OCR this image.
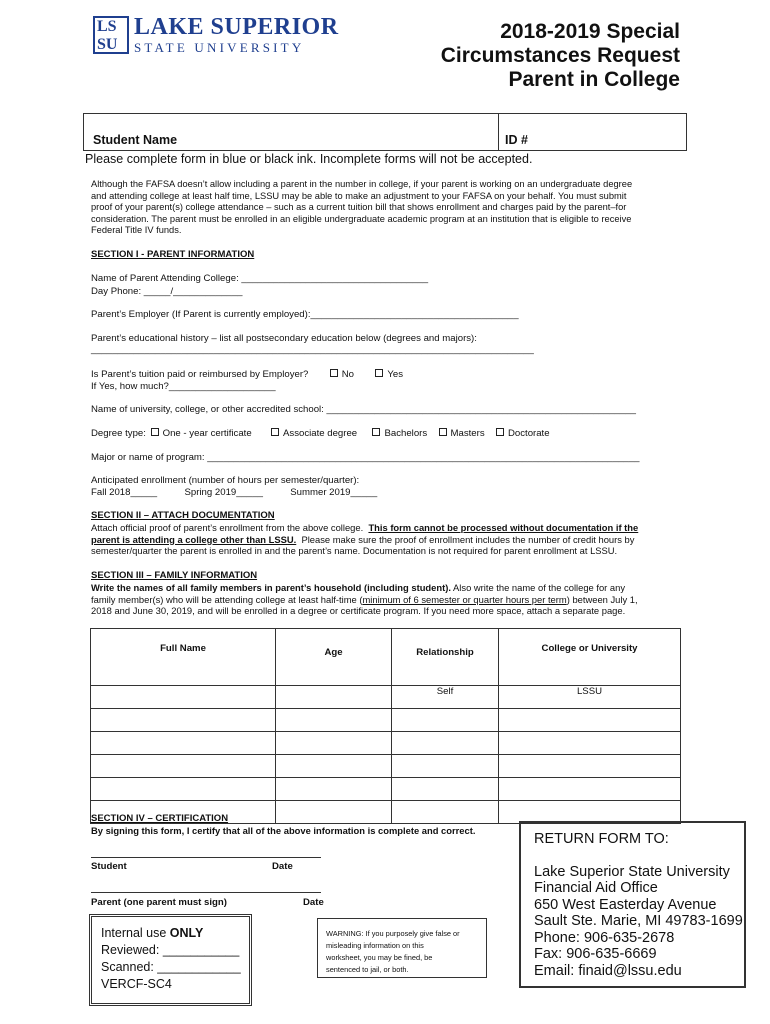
LS
SU
LAKE SUPERIOR
STATE UNIVERSITY
2018-2019 Special
Circumstances Request
Parent in College
Student Name	ID #
Please complete form in blue or black ink. Incomplete forms will not be accepted.
Although the FAFSA doesn’t allow including a parent in the number in college, if your parent is working on an undergraduate degree
and attending college at least half time, LSSU may be able to make an adjustment to your FAFSA on your behalf. You must submit
proof of your parent(s) college attendance – such as a current tuition bill that shows enrollment and charges paid by the parent–for
consideration. The parent must be enrolled in an eligible undergraduate academic program at an institution that is eligible to receive
Federal Title IV funds.
SECTION I - PARENT INFORMATION
Name of Parent Attending College: ___________________________________
Day Phone: _____/_____________
Parent’s Employer (If Parent is currently employed):_______________________________________
Parent’s educational history – list all postsecondary education below (degrees and majors):
___________________________________________________________________________________
Is Parent’s tuition paid or reimbursed by Employer?	No	Yes
If Yes, how much?____________________
Name of university, college, or other accredited school: __________________________________________________________
Degree type: One - year certificate	Associate degree	Bachelors Masters Doctorate
Major or name of program: _________________________________________________________________________________
Anticipated enrollment (number of hours per semester/quarter):
Fall 2018_____	Spring 2019_____	Summer 2019_____
SECTION II – ATTACH DOCUMENTATION
Attach official proof of parent’s enrollment from the above college. This form cannot be processed without documentation if the
parent is attending a college other than LSSU. Please make sure the proof of enrollment includes the number of credit hours by
semester/quarter the parent is enrolled in and the parent’s name. Documentation is not required for parent enrollment at LSSU.
SECTION III – FAMILY INFORMATION
Write the names of all family members in parent’s household (including student). Also write the name of the college for any
family member(s) who will be attending college at least half-time (minimum of 6 semester or quarter hours per term) between July 1,
2018 and June 30, 2019, and will be enrolled in a degree or certificate program. If you need more space, attach a separate page.
Full Name	Age	Relationship	College or University
		Self	LSSU

SECTION IV – CERTIFICATION
By signing this form, I certify that all of the above information is complete and correct.
Student	Date
Parent (one parent must sign)	Date
Internal use ONLY
Reviewed: ___________
Scanned: ____________
VERCF-SC4
WARNING: If you purposely give false or
misleading information on this
worksheet, you may be fined, be
sentenced to jail, or both.
RETURN FORM TO:
Lake Superior State University
Financial Aid Office
650 West Easterday Avenue
Sault Ste. Marie, MI 49783-1699
Phone: 906-635-2678
Fax: 906-635-6669
Email: finaid@lssu.edu
